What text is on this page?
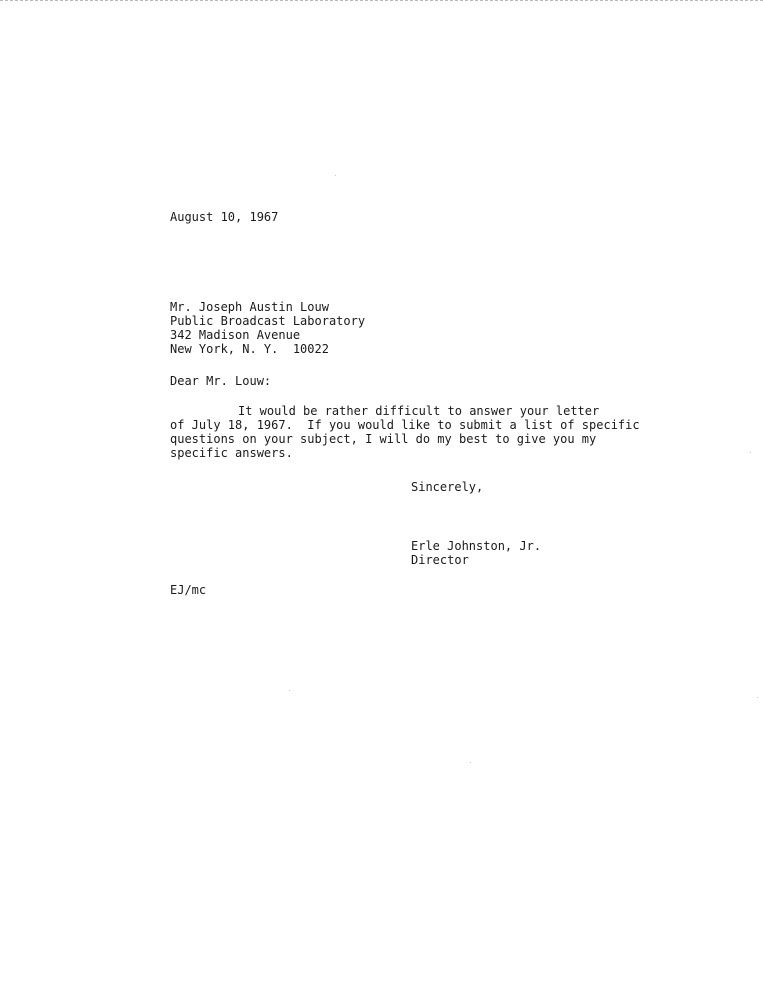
August 10, 1967
Mr. Joseph Austin Louw
Public Broadcast Laboratory
342 Madison Avenue
New York, N. Y.  10022
Dear Mr. Louw:
It would be rather difficult to answer your letter
of July 18, 1967.  If you would like to submit a list of specific
questions on your subject, I will do my best to give you my
specific answers.
Sincerely,
Erle Johnston, Jr.
Director
EJ/mc
